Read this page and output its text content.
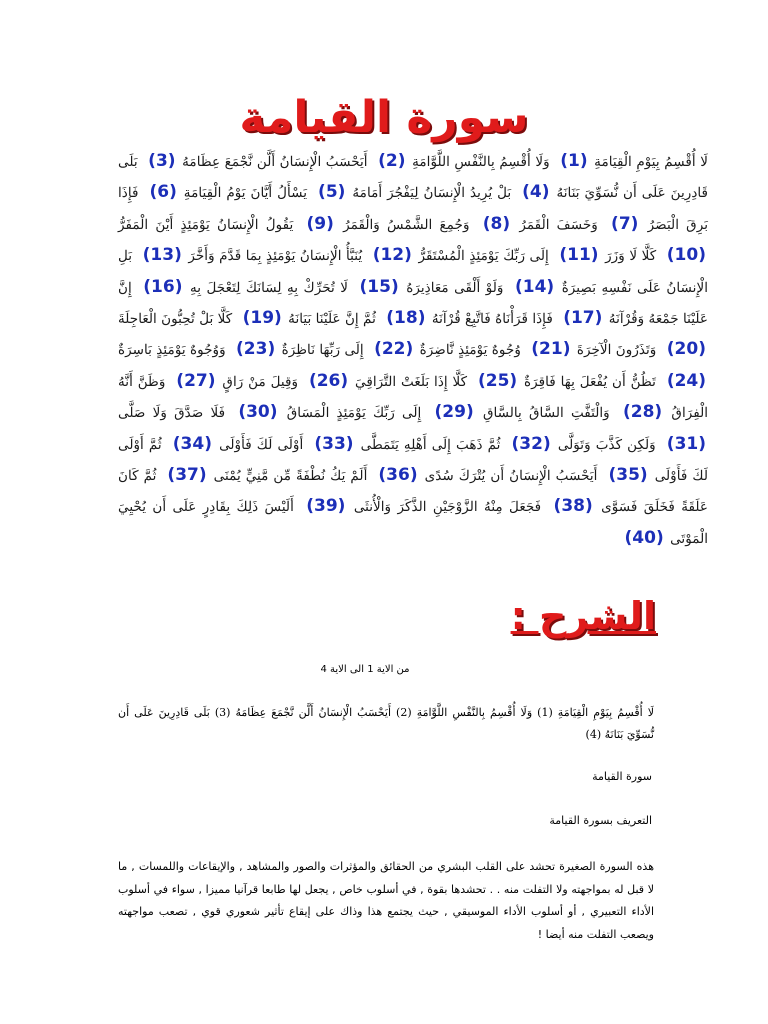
سورة القيامة
لَا أُقْسِمُ بِيَوْمِ الْقِيَامَةِ (1) وَلَا أُقْسِمُ بِالنَّفْسِ اللَّوَّامَةِ (2) أَيَحْسَبُ الْإِنسَانُ أَلَّن نَّجْمَعَ عِظَامَهُ (3) بَلَى قَادِرِينَ عَلَى أَن نُّسَوِّيَ بَنَانَهُ (4) بَلْ يُرِيدُ الْإِنسَانُ لِيَفْجُرَ أَمَامَهُ (5) يَسْأَلُ أَيَّانَ يَوْمُ الْقِيَامَةِ (6) فَإِذَا بَرِقَ الْبَصَرُ (7) وَخَسَفَ الْقَمَرُ (8) وَجُمِعَ الشَّمْسُ وَالْقَمَرُ (9) يَقُولُ الْإِنسَانُ يَوْمَئِذٍ أَيْنَ الْمَفَرُّ (10) كَلَّا لَا وَزَرَ (11) إِلَى رَبِّكَ يَوْمَئِذٍ الْمُسْتَقَرُّ (12) يُنَبَّأُ الْإِنسَانُ يَوْمَئِذٍ بِمَا قَدَّمَ وَأَخَّرَ (13) بَلِ الْإِنسَانُ عَلَى نَفْسِهِ بَصِيرَةٌ (14) وَلَوْ أَلْقَى مَعَاذِيرَهُ (15) لَا تُحَرِّكْ بِهِ لِسَانَكَ لِتَعْجَلَ بِهِ (16) إِنَّ عَلَيْنَا جَمْعَهُ وَقُرْآنَهُ (17) فَإِذَا قَرَأْنَاهُ فَاتَّبِعْ قُرْآنَهُ (18) ثُمَّ إِنَّ عَلَيْنَا بَيَانَهُ (19) كَلَّا بَلْ تُحِبُّونَ الْعَاجِلَةَ (20) وَتَذَرُونَ الْآخِرَةَ (21) وُجُوهٌ يَوْمَئِذٍ نَّاضِرَةٌ (22) إِلَى رَبِّهَا نَاظِرَةٌ (23) وَوُجُوهٌ يَوْمَئِذٍ بَاسِرَةٌ (24) تَظُنُّ أَن يُفْعَلَ بِهَا فَاقِرَةٌ (25) كَلَّا إِذَا بَلَغَتْ التَّرَاقِيَ (26) وَقِيلَ مَنْ رَاقٍ (27) وَظَنَّ أَنَّهُ الْفِرَاقُ (28) وَالْتَفَّتِ السَّاقُ بِالسَّاقِ (29) إِلَى رَبِّكَ يَوْمَئِذٍ الْمَسَاقُ (30) فَلَا صَدَّقَ وَلَا صَلَّى (31) وَلَكِن كَذَّبَ وَتَوَلَّى (32) ثُمَّ ذَهَبَ إِلَى أَهْلِهِ يَتَمَطَّى (33) أَوْلَى لَكَ فَأَوْلَى (34) ثُمَّ أَوْلَى لَكَ فَأَوْلَى (35) أَيَحْسَبُ الْإِنسَانُ أَن يُتْرَكَ سُدًى (36) أَلَمْ يَكُ نُطْفَةً مِّن مَّنِيٍّ يُمْنَى (37) ثُمَّ كَانَ عَلَقَةً فَخَلَقَ فَسَوَّى (38) فَجَعَلَ مِنْهُ الزَّوْجَيْنِ الذَّكَرَ وَالْأُنثَى (39) أَلَيْسَ ذَلِكَ بِقَادِرٍ عَلَى أَن يُحْيِيَ الْمَوْتَى (40)
الشرح :
من الاية 1 الى الاية 4
لَا أُقْسِمُ بِيَوْمِ الْقِيَامَةِ (1) وَلَا أُقْسِمُ بِالنَّفْسِ اللَّوَّامَةِ (2) أَيَحْسَبُ الْإِنسَانُ أَلَّن نَّجْمَعَ عِظَامَهُ (3) بَلَى قَادِرِينَ عَلَى أَن نُّسَوِّيَ بَنَانَهُ (4)
سورة القيامة
التعريف بسورة القيامة
هذه السورة الصغيرة تحشد على القلب البشري من الحقائق والمؤثرات والصور والمشاهد , والإيقاعات واللمسات , ما لا قبل له بمواجهته ولا التفلت منه . . تحشدها بقوة , في أسلوب خاص , يجعل لها طابعا قرآنيا مميزا , سواء في أسلوب الأداء التعبيري , أو أسلوب الأداء الموسيقي , حيث يجتمع هذا وذاك على إيقاع تأثير شعوري قوي , تصعب مواجهته ويصعب التفلت منه أيضا !
